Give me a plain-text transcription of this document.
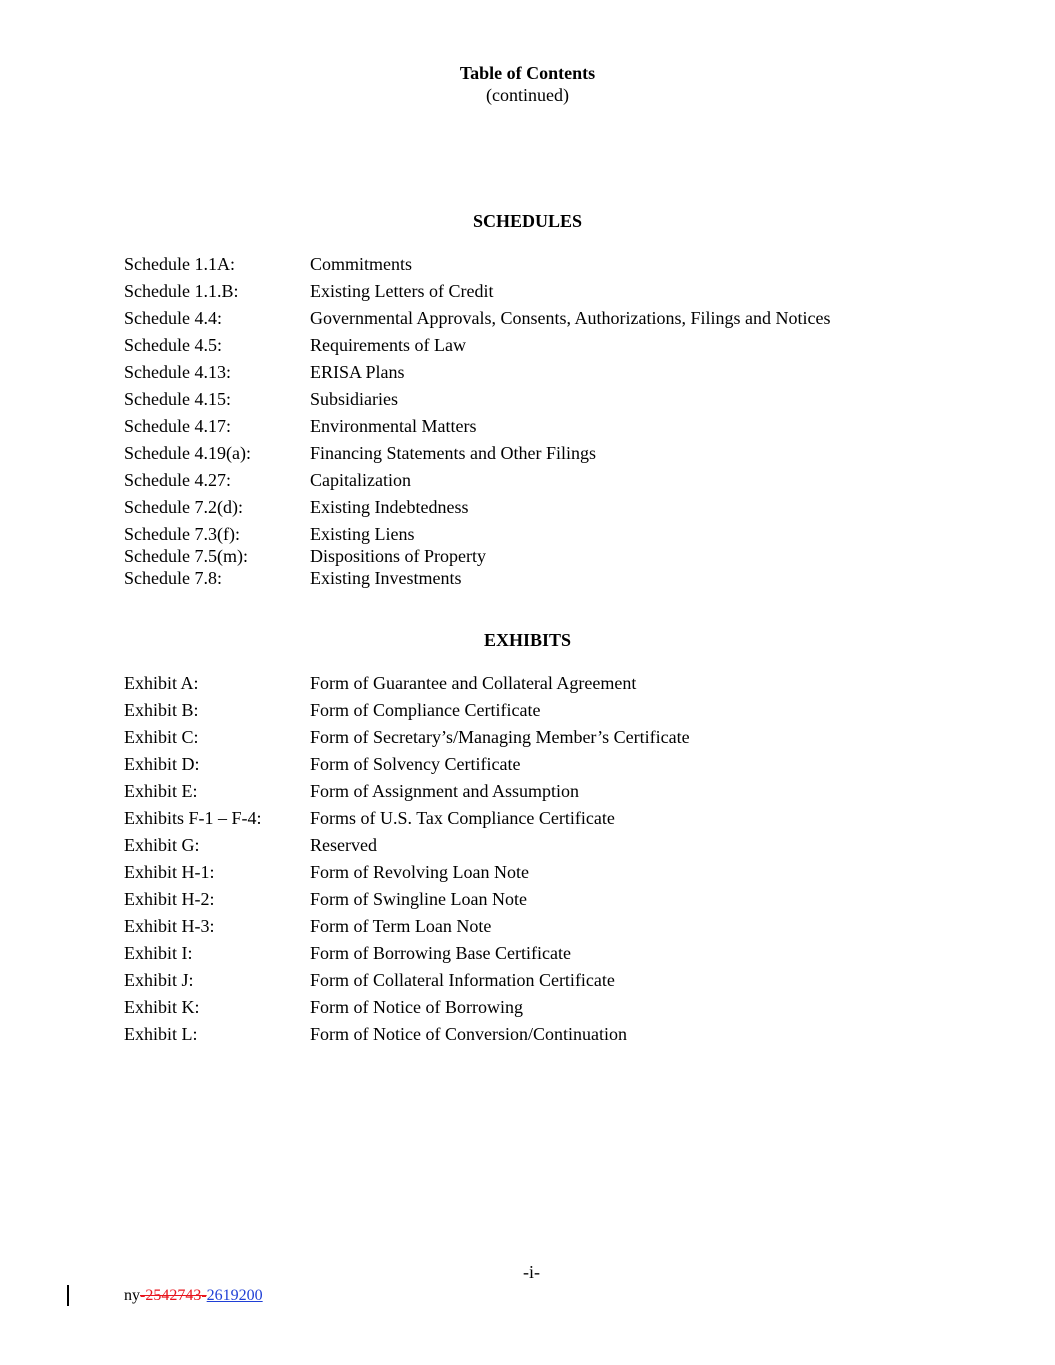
Table of Contents
(continued)
SCHEDULES
Schedule 1.1A:	Commitments
Schedule 1.1.B:	Existing Letters of Credit
Schedule 4.4:	Governmental Approvals, Consents, Authorizations, Filings and Notices
Schedule 4.5:	Requirements of Law
Schedule 4.13:	ERISA Plans
Schedule 4.15:	Subsidiaries
Schedule 4.17:	Environmental Matters
Schedule 4.19(a):	Financing Statements and Other Filings
Schedule 4.27:	Capitalization
Schedule 7.2(d):	Existing Indebtedness
Schedule 7.3(f):	Existing Liens
Schedule 7.5(m):	Dispositions of Property
Schedule 7.8:	Existing Investments
EXHIBITS
Exhibit A:	Form of Guarantee and Collateral Agreement
Exhibit B:	Form of Compliance Certificate
Exhibit C:	Form of Secretary’s/Managing Member’s Certificate
Exhibit D:	Form of Solvency Certificate
Exhibit E:	Form of Assignment and Assumption
Exhibits F-1 – F-4:	Forms of U.S. Tax Compliance Certificate
Exhibit G:	Reserved
Exhibit H-1:	Form of Revolving Loan Note
Exhibit H-2:	Form of Swingline Loan Note
Exhibit H-3:	Form of Term Loan Note
Exhibit I:	Form of Borrowing Base Certificate
Exhibit J:	Form of Collateral Information Certificate
Exhibit K:	Form of Notice of Borrowing
Exhibit L:	Form of Notice of Conversion/Continuation
-i-
ny-2542743-2619200
